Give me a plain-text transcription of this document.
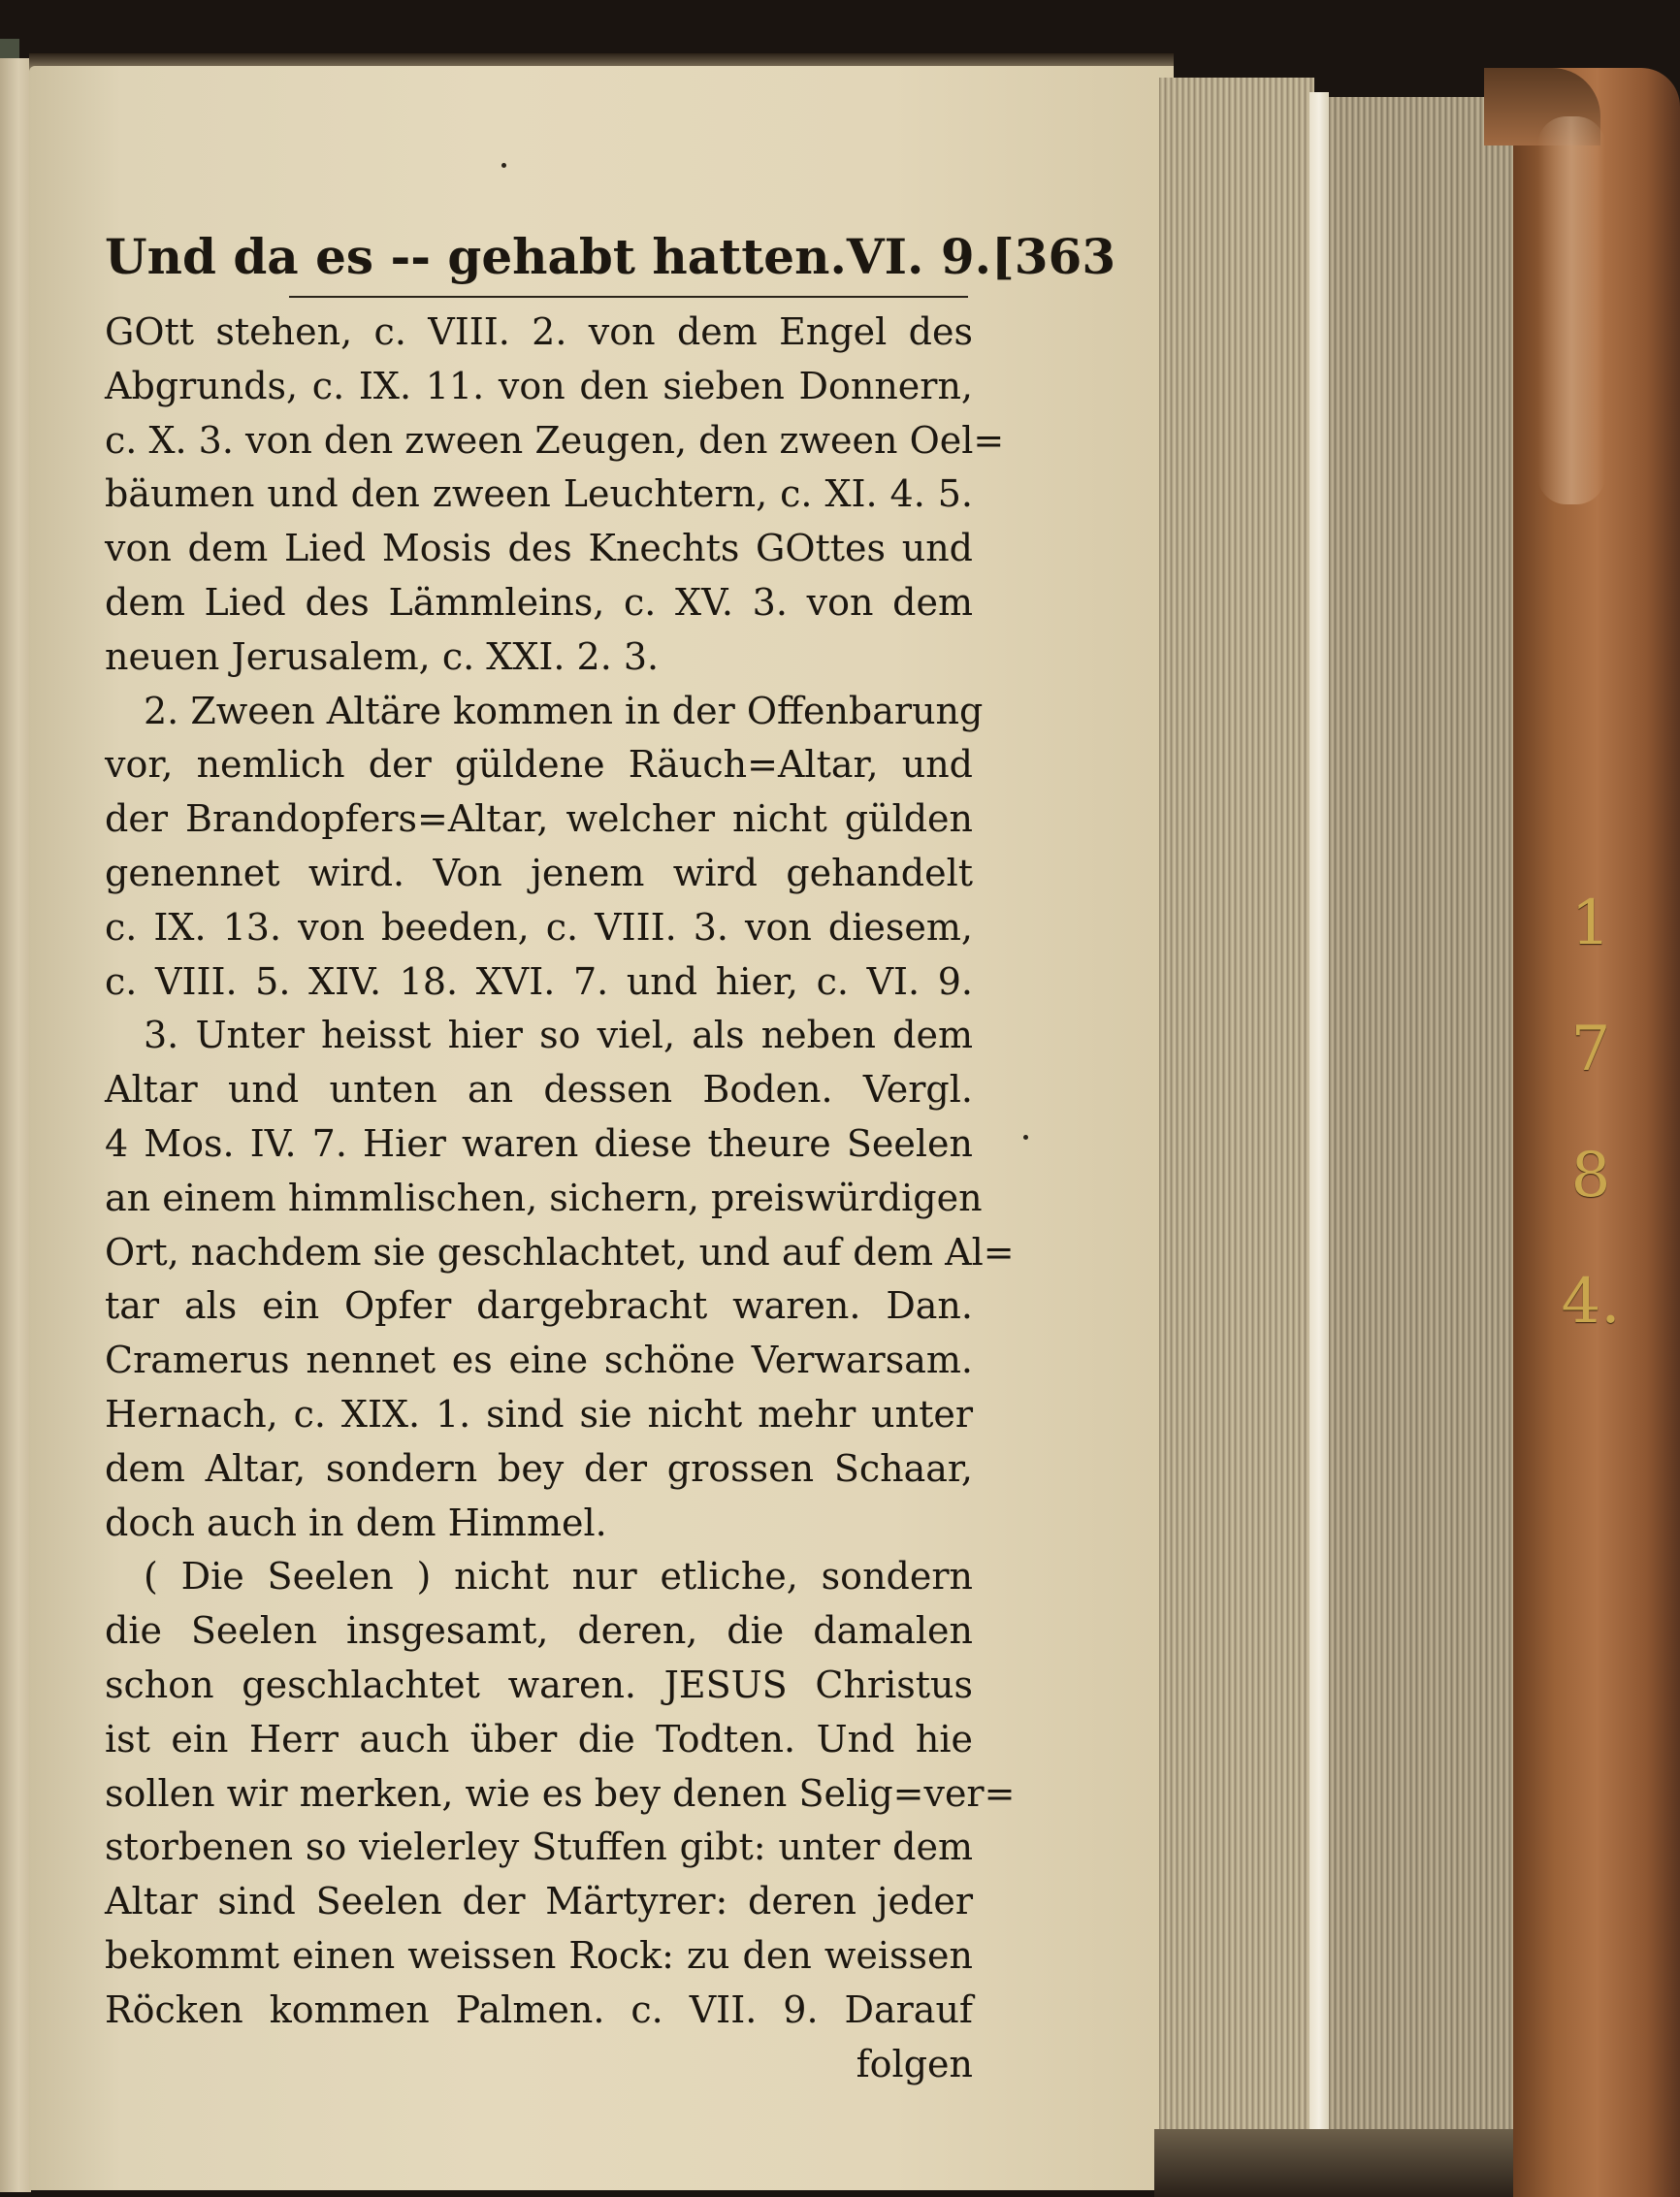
1
7
8
4.
Und da es -- gehabt hatten. VI. 9. [363
GOtt stehen, c. VIII. 2. von dem Engel des
Abgrunds, c. IX. 11. von den sieben Donnern,
c. X. 3. von den zween Zeugen, den zween Oel=
bäumen und den zween Leuchtern, c. XI. 4. 5.
von dem Lied Mosis des Knechts GOttes und
dem Lied des Lämmleins, c. XV. 3. von dem
neuen Jerusalem, c. XXI. 2. 3.
2. Zween Altäre kommen in der Offenbarung
vor, nemlich der güldene Räuch=Altar, und
der Brandopfers=Altar, welcher nicht gülden
genennet wird. Von jenem wird gehandelt
c. IX. 13. von beeden, c. VIII. 3. von diesem,
c. VIII. 5. XIV. 18. XVI. 7. und hier, c. VI. 9.
3. Unter heisst hier so viel, als neben dem
Altar und unten an dessen Boden. Vergl.
4 Mos. IV. 7. Hier waren diese theure Seelen
an einem himmlischen, sichern, preiswürdigen
Ort, nachdem sie geschlachtet, und auf dem Al=
tar als ein Opfer dargebracht waren. Dan.
Cramerus nennet es eine schöne Verwarsam.
Hernach, c. XIX. 1. sind sie nicht mehr unter
dem Altar, sondern bey der grossen Schaar,
doch auch in dem Himmel.
( Die Seelen ) nicht nur etliche, sondern
die Seelen insgesamt, deren, die damalen
schon geschlachtet waren. JESUS Christus
ist ein Herr auch über die Todten. Und hie
sollen wir merken, wie es bey denen Selig=ver=
storbenen so vielerley Stuffen gibt: unter dem
Altar sind Seelen der Märtyrer: deren jeder
bekommt einen weissen Rock: zu den weissen
Röcken kommen Palmen. c. VII. 9. Darauf
folgen
